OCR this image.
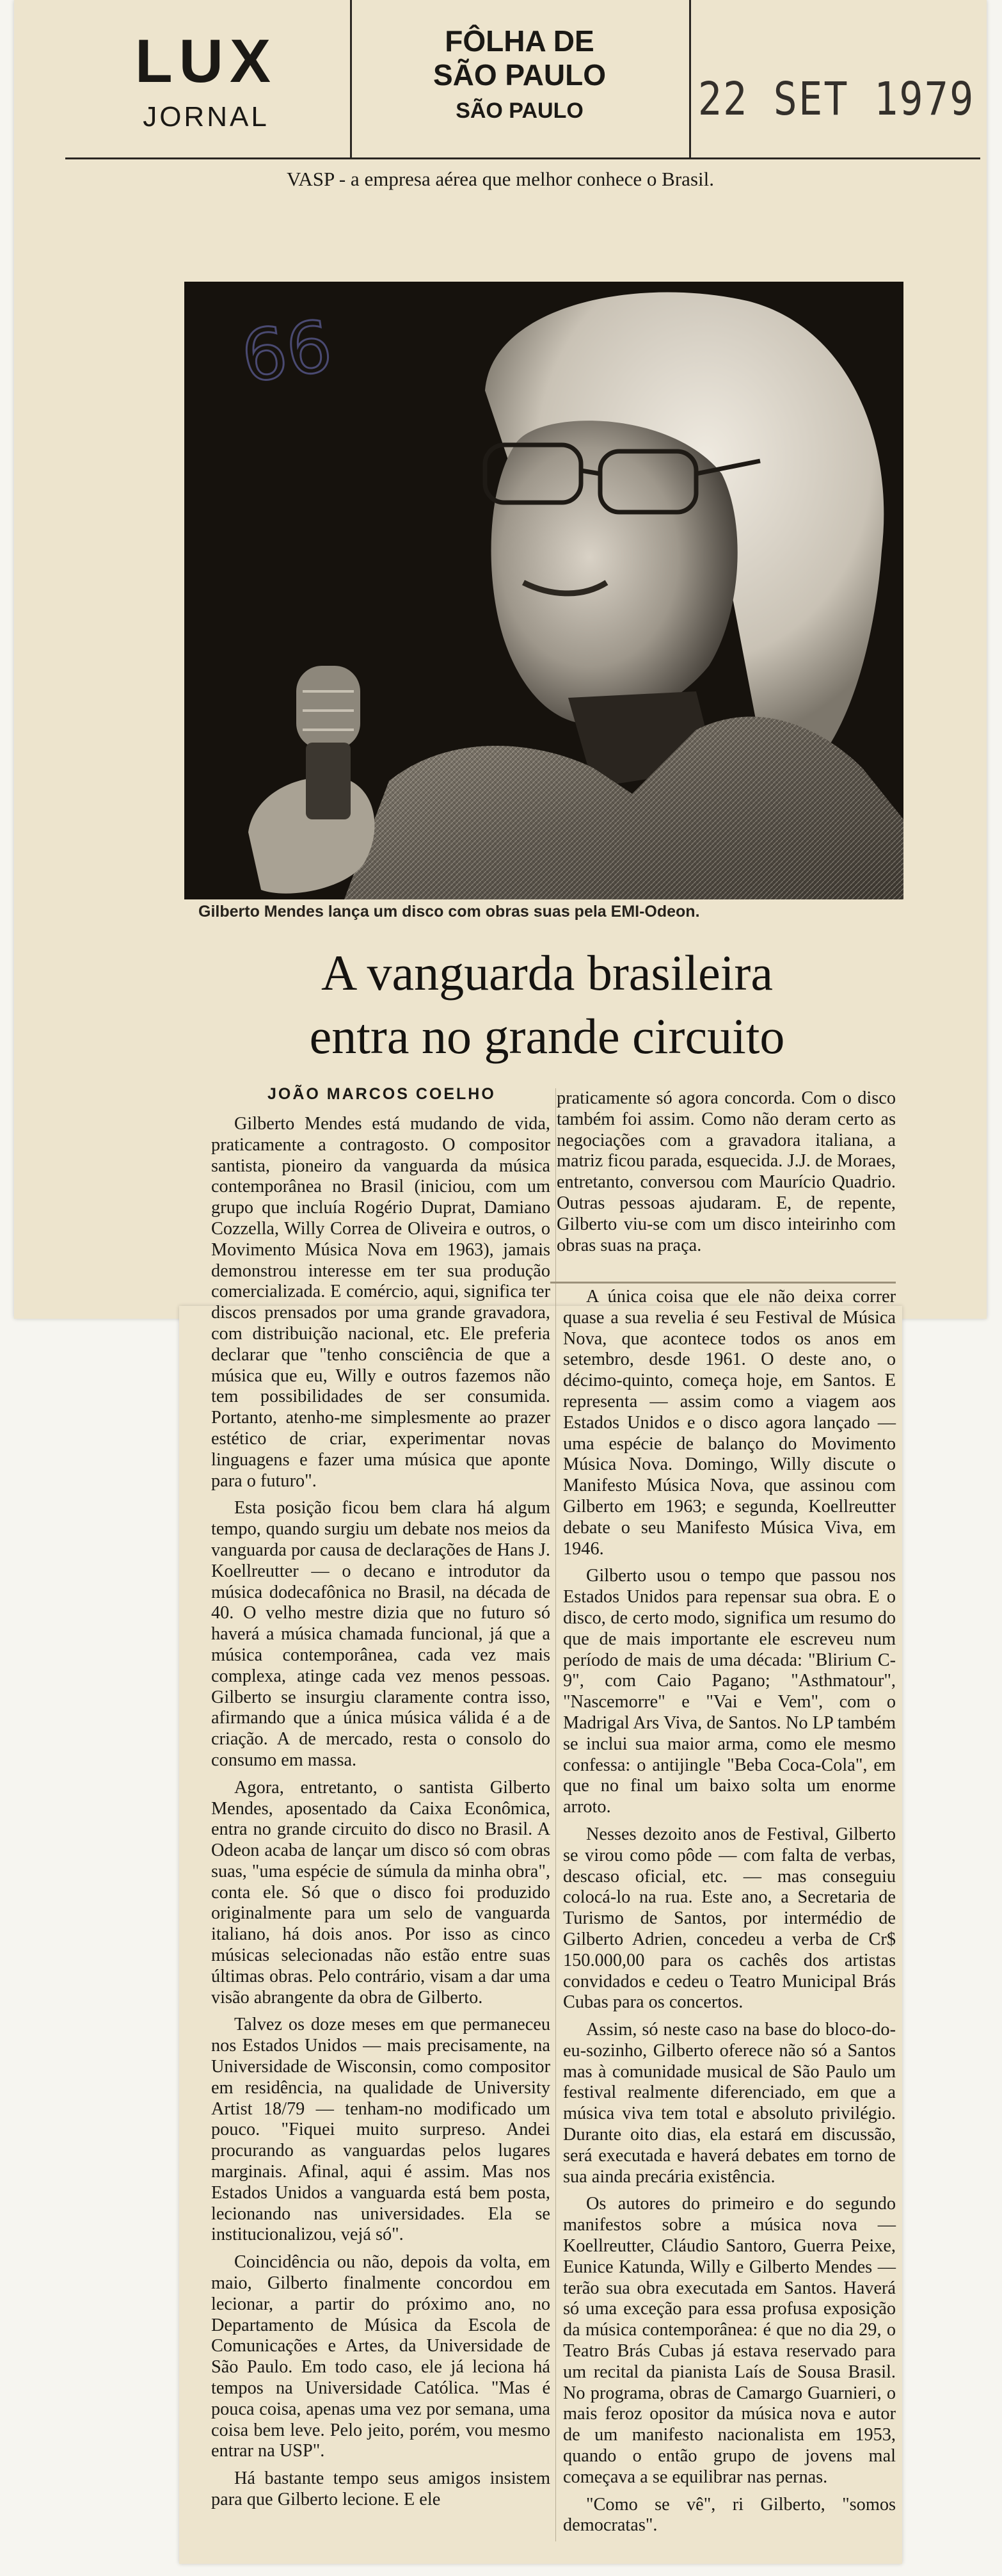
LUX
JORNAL
FÔLHA DE
SÃO PAULO
SÃO PAULO	22 SET 1979
VASP - a empresa aérea que melhor conhece o Brasil.
66
Gilberto Mendes lança um disco com obras suas pela EMI-Odeon.
A vanguarda brasileira
entra no grande circuito
JOÃO MARCOS COELHO

Gilberto Mendes está mudando de vida, praticamente a contragosto. O compositor santista, pioneiro da vanguarda da música contemporânea no Brasil (iniciou, com um grupo que incluía Rogério Duprat, Damiano Cozzella, Willy Correa de Oliveira e outros, o Movimento Música Nova em 1963), jamais demonstrou interesse em ter sua produção comercializada. E comércio, aqui, significa ter discos prensados por uma grande gravadora, com distribuição nacional, etc. Ele preferia declarar que "tenho consciência de que a música que eu, Willy e outros fazemos não tem possibilidades de ser consumida. Portanto, atenho-me simplesmente ao prazer estético de criar, experimentar novas linguagens e fazer uma música que aponte para o futuro".

Esta posição ficou bem clara há algum tempo, quando surgiu um debate nos meios da vanguarda por causa de declarações de Hans J. Koellreutter — o decano e introdutor da música dodecafônica no Brasil, na década de 40. O velho mestre dizia que no futuro só haverá a música chamada funcional, já que a música contemporânea, cada vez mais complexa, atinge cada vez menos pessoas. Gilberto se insurgiu claramente contra isso, afirmando que a única música válida é a de criação. A de mercado, resta o consolo do consumo em massa.

Agora, entretanto, o santista Gilberto Mendes, aposentado da Caixa Econômica, entra no grande circuito do disco no Brasil. A Odeon acaba de lançar um disco só com obras suas, "uma espécie de súmula da minha obra", conta ele. Só que o disco foi produzido originalmente para um selo de vanguarda italiano, há dois anos. Por isso as cinco músicas selecionadas não estão entre suas últimas obras. Pelo contrário, visam a dar uma visão abrangente da obra de Gilberto.

Talvez os doze meses em que permaneceu nos Estados Unidos — mais precisamente, na Universidade de Wisconsin, como compositor em residência, na qualidade de University Artist 18/79 — tenham-no modificado um pouco. "Fiquei muito surpreso. Andei procurando as vanguardas pelos lugares marginais. Afinal, aqui é assim. Mas nos Estados Unidos a vanguarda está bem posta, lecionando nas universidades. Ela se institucionalizou, vejá só".

Coincidência ou não, depois da volta, em maio, Gilberto finalmente concordou em lecionar, a partir do próximo ano, no Departamento de Música da Escola de Comunicações e Artes, da Universidade de São Paulo. Em todo caso, ele já leciona há tempos na Universidade Católica. "Mas é pouca coisa, apenas uma vez por semana, uma coisa bem leve. Pelo jeito, porém, vou mesmo entrar na USP".

Há bastante tempo seus amigos insistem para que Gilberto lecione. E ele

praticamente só agora concorda. Com o disco também foi assim. Como não deram certo as negociações com a gravadora italiana, a matriz ficou parada, esquecida. J.J. de Moraes, entretanto, conversou com Maurício Quadrio. Outras pessoas ajudaram. E, de repente, Gilberto viu-se com um disco inteirinho com obras suas na praça.

A única coisa que ele não deixa correr quase a sua revelia é seu Festival de Música Nova, que acontece todos os anos em setembro, desde 1961. O deste ano, o décimo-quinto, começa hoje, em Santos. E representa — assim como a viagem aos Estados Unidos e o disco agora lançado — uma espécie de balanço do Movimento Música Nova. Domingo, Willy discute o Manifesto Música Nova, que assinou com Gilberto em 1963; e segunda, Koellreutter debate o seu Manifesto Música Viva, em 1946.

Gilberto usou o tempo que passou nos Estados Unidos para repensar sua obra. E o disco, de certo modo, significa um resumo do que de mais importante ele escreveu num período de mais de uma década: "Blirium C-9", com Caio Pagano; "Asthmatour", "Nascemorre" e "Vai e Vem", com o Madrigal Ars Viva, de Santos. No LP também se inclui sua maior arma, como ele mesmo confessa: o antijingle "Beba Coca-Cola", em que no final um baixo solta um enorme arroto.

Nesses dezoito anos de Festival, Gilberto se virou como pôde — com falta de verbas, descaso oficial, etc. — mas conseguiu colocá-lo na rua. Este ano, a Secretaria de Turismo de Santos, por intermédio de Gilberto Adrien, concedeu a verba de Cr$ 150.000,00 para os cachês dos artistas convidados e cedeu o Teatro Municipal Brás Cubas para os concertos.

Assim, só neste caso na base do bloco-do-eu-sozinho, Gilberto oferece não só a Santos mas à comunidade musical de São Paulo um festival realmente diferenciado, em que a música viva tem total e absoluto privilégio. Durante oito dias, ela estará em discussão, será executada e haverá debates em torno de sua ainda precária existência.

Os autores do primeiro e do segundo manifestos sobre a música nova — Koellreutter, Cláudio Santoro, Guerra Peixe, Eunice Katunda, Willy e Gilberto Mendes — terão sua obra executada em Santos. Haverá só uma exceção para essa profusa exposição da música contemporânea: é que no dia 29, o Teatro Brás Cubas já estava reservado para um recital da pianista Laís de Sousa Brasil. No programa, obras de Camargo Guarnieri, o mais feroz opositor da música nova e autor de um manifesto nacionalista em 1953, quando o então grupo de jovens mal começava a se equilibrar nas pernas.

"Como se vê", ri Gilberto, "somos democratas".
